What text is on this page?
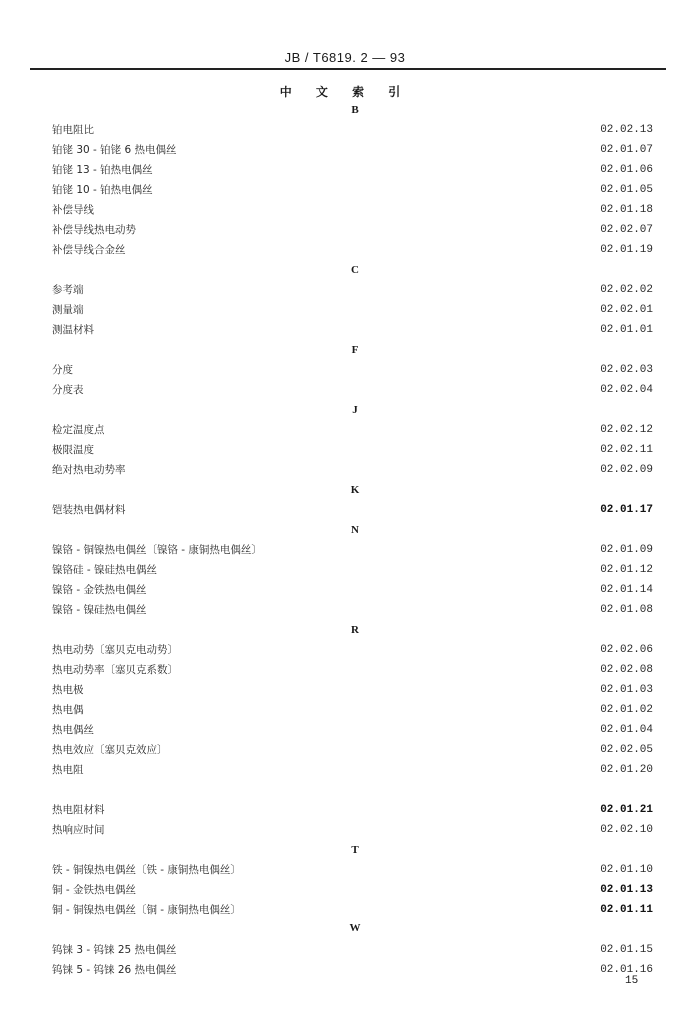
JB / T6819. 2 — 93
中 文 索 引
B
铂电阻比	02.02.13
铂铑 30 - 铂铑 6 热电偶丝	02.01.07
铂铑 13 - 铂热电偶丝	02.01.06
铂铑 10 - 铂热电偶丝	02.01.05
补偿导线	02.01.18
补偿导线热电动势	02.02.07
补偿导线合金丝	02.01.19
C
参考端	02.02.02
测量端	02.02.01
测温材料	02.01.01
F
分度	02.02.03
分度表	02.02.04
J
检定温度点	02.02.12
极限温度	02.02.11
绝对热电动势率	02.02.09
K
铠装热电偶材料	02.01.17
N
镍铬 - 铜镍热电偶丝〔镍铬 - 康铜热电偶丝〕	02.01.09
镍铬硅 - 镍硅热电偶丝	02.01.12
镍铬 - 金铁热电偶丝	02.01.14
镍铬 - 镍硅热电偶丝	02.01.08
R
热电动势〔塞贝克电动势〕	02.02.06
热电动势率〔塞贝克系数〕	02.02.08
热电极	02.01.03
热电偶	02.01.02
热电偶丝	02.01.04
热电效应〔塞贝克效应〕	02.02.05
热电阻	02.01.20
热电阻材料	02.01.21
热响应时间	02.02.10
T
铁 - 铜镍热电偶丝〔铁 - 康铜热电偶丝〕	02.01.10
铜 - 金铁热电偶丝	02.01.13
铜 - 铜镍热电偶丝〔铜 - 康铜热电偶丝〕	02.01.11
W
钨铼 3 - 钨铼 25 热电偶丝	02.01.15
钨铼 5 - 钨铼 26 热电偶丝	02.01.16
15
